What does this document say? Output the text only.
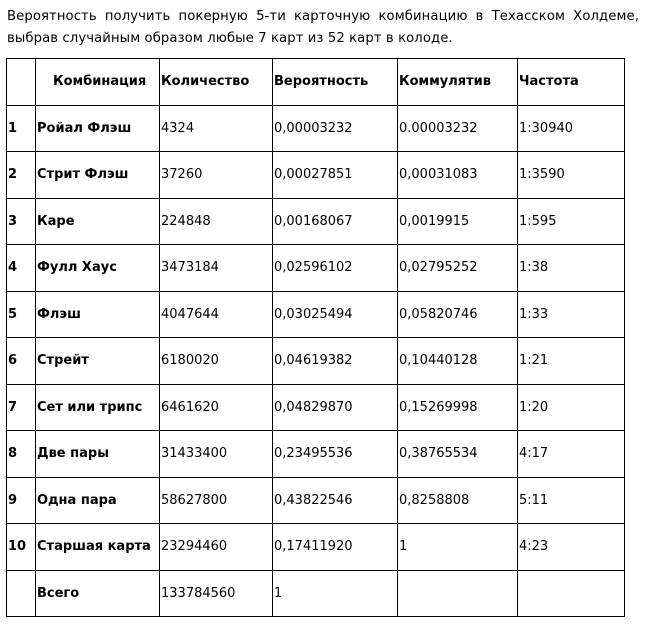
Вероятность получить покерную 5-ти карточную комбинацию в Техасском Холдеме, выбрав случайным образом любые 7 карт из 52 карт в колоде.
	Комбинация	Количество	Вероятность	Коммулятив	Частота
1	Ройал Флэш	4324	0,00003232	0.00003232	1:30940
2	Стрит Флэш	37260	0,00027851	0,00031083	1:3590
3	Каре	224848	0,00168067	0,0019915	1:595
4	Фулл Хаус	3473184	0,02596102	0,02795252	1:38
5	Флэш	4047644	0,03025494	0,05820746	1:33
6	Стрейт	6180020	0,04619382	0,10440128	1:21
7	Сет или трипс	6461620	0,04829870	0,15269998	1:20
8	Две пары	31433400	0,23495536	0,38765534	4:17
9	Одна пара	58627800	0,43822546	0,8258808	5:11
10	Старшая карта	23294460	0,17411920	1	4:23
	Всего	133784560	1		
